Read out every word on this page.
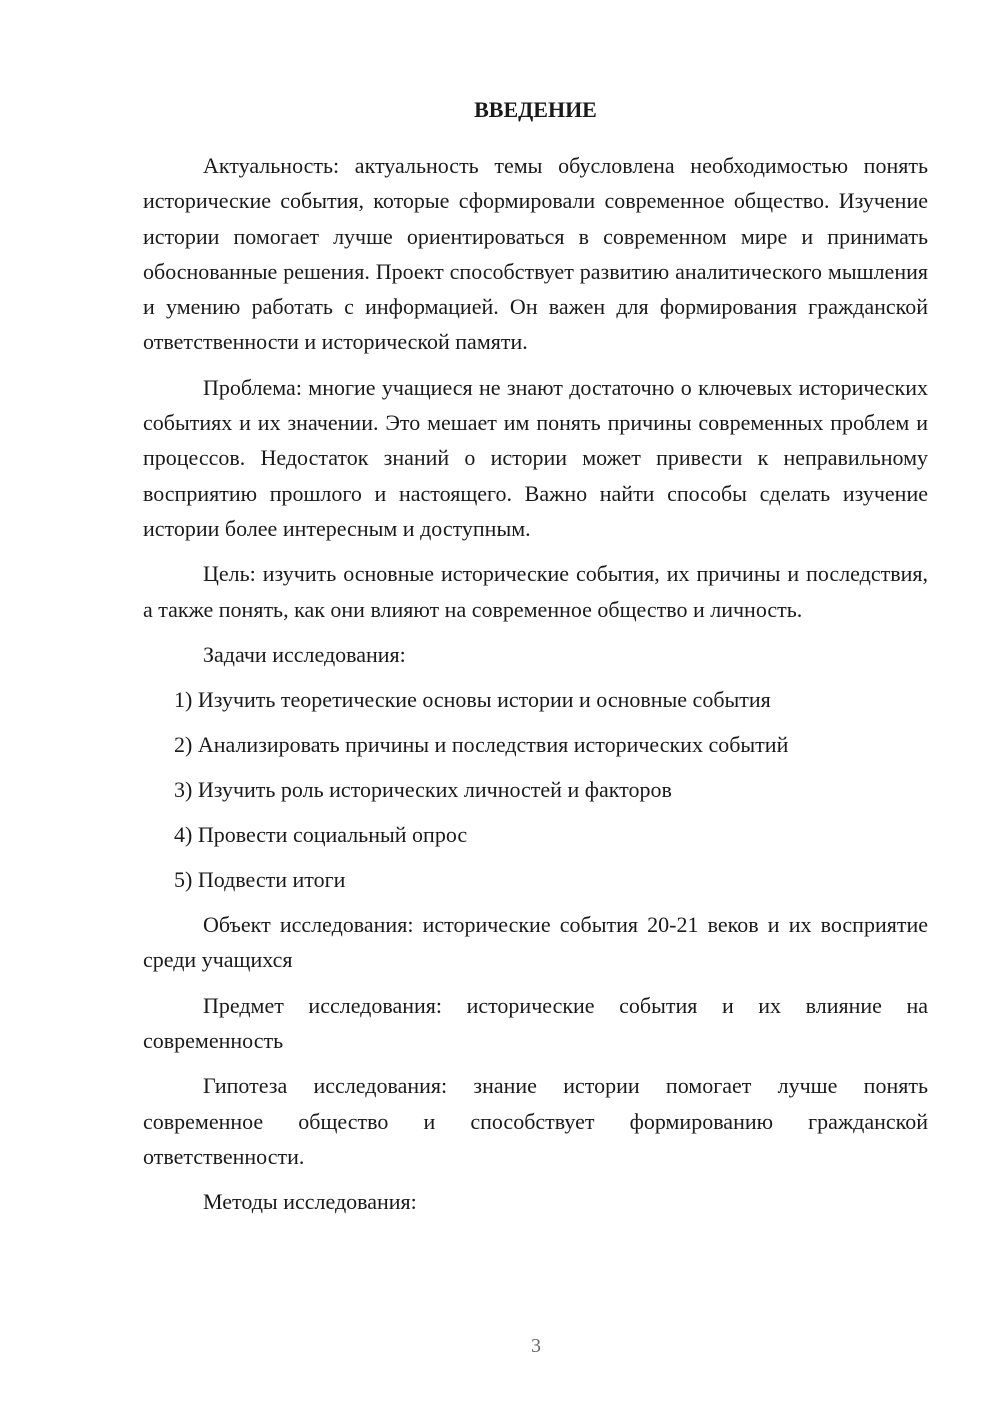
ВВЕДЕНИЕ

Актуальность: актуальность темы обусловлена необходимостью понять исторические события, которые сформировали современное общество. Изучение истории помогает лучше ориентироваться в современном мире и принимать обоснованные решения. Проект способствует развитию аналитического мышления и умению работать с информацией. Он важен для формирования гражданской ответственности и исторической памяти.

Проблема: многие учащиеся не знают достаточно о ключевых исторических событиях и их значении. Это мешает им понять причины современных проблем и процессов. Недостаток знаний о истории может привести к неправильному восприятию прошлого и настоящего. Важно найти способы сделать изучение истории более интересным и доступным.

Цель: изучить основные исторические события, их причины и последствия, а также понять, как они влияют на современное общество и личность.

Задачи исследования:

1) Изучить теоретические основы истории и основные события
2) Анализировать причины и последствия исторических событий
3) Изучить роль исторических личностей и факторов
4) Провести социальный опрос
5) Подвести итоги

Объект исследования: исторические события 20-21 веков и их восприятие среди учащихся

Предмет исследования: исторические события и их влияние на современность

Гипотеза исследования: знание истории помогает лучше понять современное общество и способствует формированию гражданской ответственности.

Методы исследования:

3
